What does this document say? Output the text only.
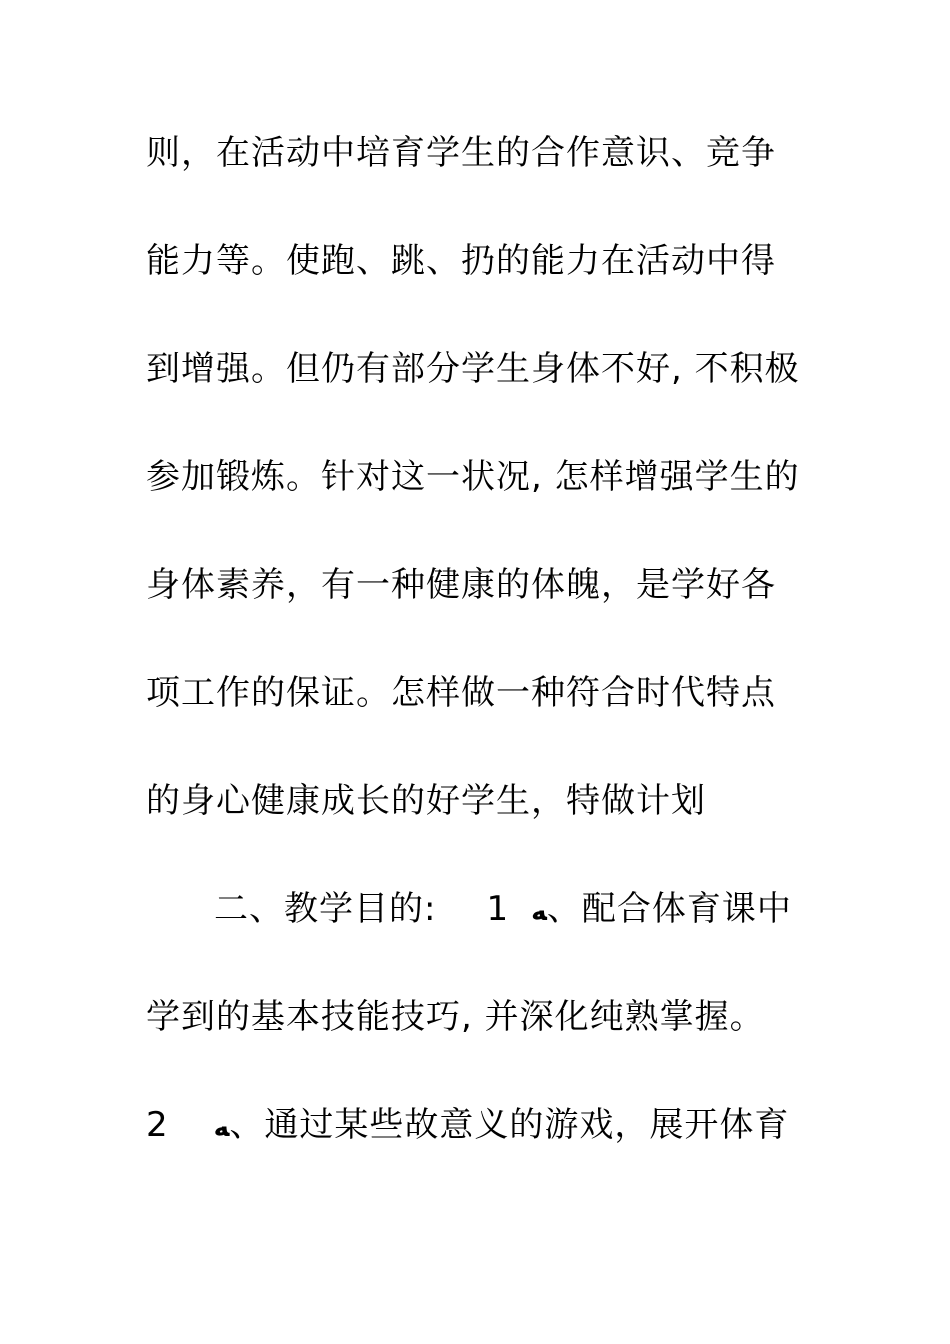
则，在活动中培育学生的合作意识、竞争
能力等。使跑、跳、扔的能力在活动中得
到增强。但仍有部分学生身体不好, 不积极
参加锻炼。针对这一状况, 怎样增强学生的
身体素养，有一种健康的体魄，是学好各
项工作的保证。怎样做一种符合时代特点
的身心健康成长的好学生，特做计划
二、教学目的: 1 ﻪ、配合体育课中
学到的基本技能技巧, 并深化纯熟掌握。
2 ﻪ、通过某些故意义的游戏，展开体育
